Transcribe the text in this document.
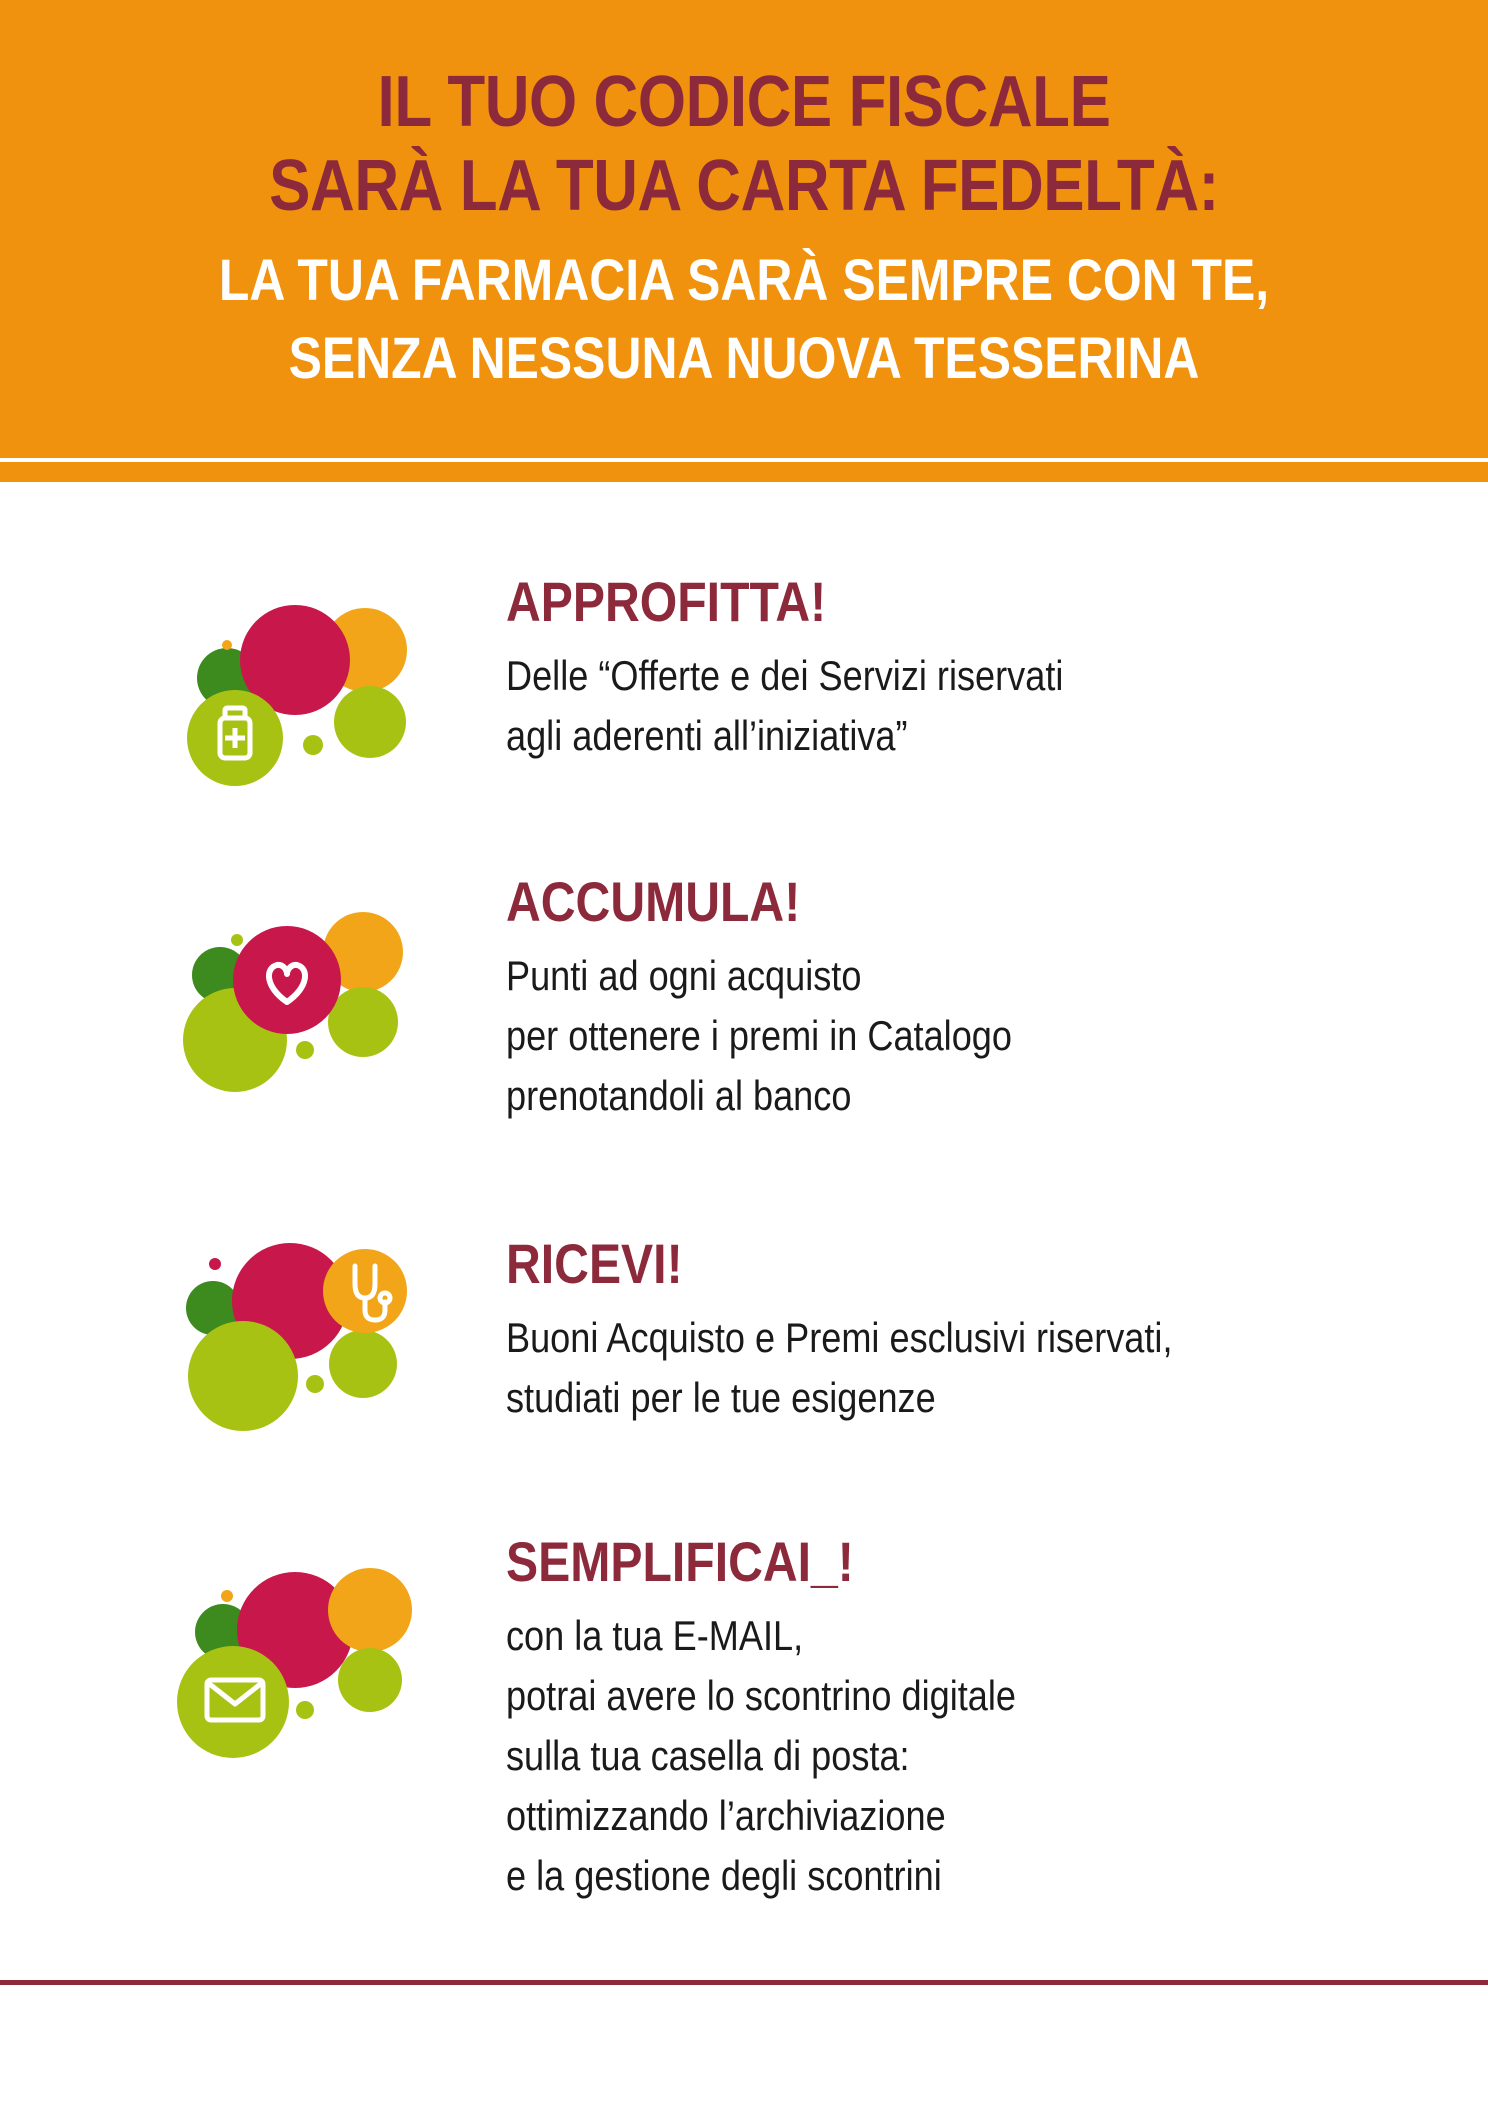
IL TUO CODICE FISCALE
SARÀ LA TUA CARTA FEDELTÀ:
LA TUA FARMACIA SARÀ SEMPRE CON TE,
SENZA NESSUNA NUOVA TESSERINA
APPROFITTA!
Delle “Offerte e dei Servizi riservati
agli aderenti all’iniziativa”
ACCUMULA!
Punti ad ogni acquisto
per ottenere i premi in Catalogo
prenotandoli al banco
RICEVI!
Buoni Acquisto e Premi esclusivi riservati,
studiati per le tue esigenze
SEMPLIFICAI_!
con la tua E-MAIL,
potrai avere lo scontrino digitale
sulla tua casella di posta:
ottimizzando l’archiviazione
e la gestione degli scontrini
